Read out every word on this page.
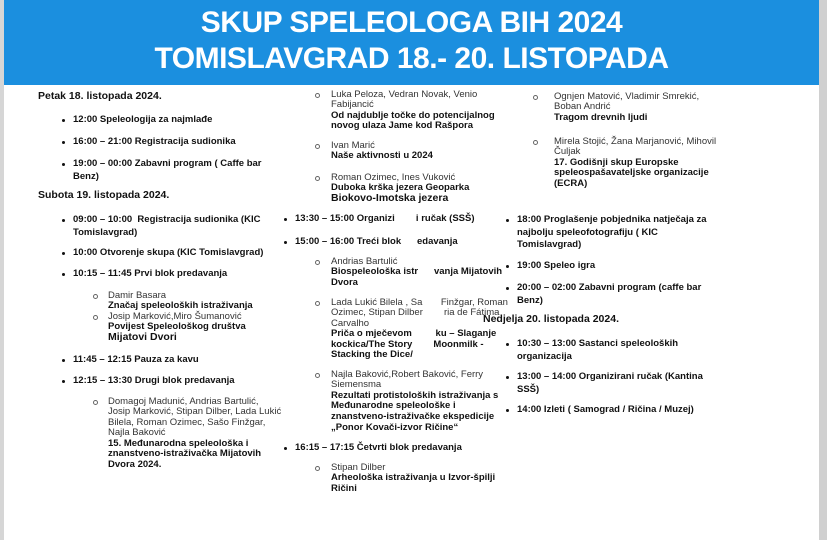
SKUP SPELEOLOGA BIH 2024
TOMISLAVGRAD 18.- 20. LISTOPADA
Petak 18. listopada 2024.
12:00 Speleologija za najmlađe
16:00 – 21:00 Registracija sudionika
19:00 – 00:00 Zabavni program ( Caffe bar
Benz)
Subota 19. listopada 2024.
09:00 – 10:00  Registracija sudionika (KIC
Tomislavgrad)
10:00 Otvorenje skupa (KIC Tomislavgrad)
10:15 – 11:45 Prvi blok predavanja
Damir Basara
Značaj speleoloških istraživanja
Josip Marković,Miro Šumanović
Povijest Speleološkog društva
Mijatovi Dvori
11:45 – 12:15 Pauza za kavu
12:15 – 13:30 Drugi blok predavanja
Domagoj Madunić, Andrias Bartulić,
Josip Marković, Stipan Dilber, Lada Lukić
Bilela, Roman Ozimec, Sašo Finžgar,
Najla Baković
15. Međunarodna speleološka i
znanstveno-istraživačka Mijatovih
Dvora 2024.
Luka Peloza, Vedran Novak, Venio
Fabijancić
Od najdublje točke do potencijalnog
novog ulaza Jame kod Rašpora
Ivan Marić
Naše aktivnosti u 2024
Roman Ozimec, Ines Vuković
Duboka krška jezera Geoparka
Biokovo-Imotska jezera
13:30 – 15:00 Organizi        i ručak (SSŠ)
15:00 – 16:00 Treći blok      edavanja
Andrias Bartulić
Biospeleološka istr      vanja Mijatovih
Dvora
Lada Lukić Bilela , Sa       Finžgar, Roman
Ozimec, Stipan Dilber        ria de Fátima
Carvalho
Priča o mječevom         ku – Slaganje
kockica/The Story        Moonmilk -
Stacking the Dice/
Najla Baković,Robert Baković, Ferry
Siemensma
Rezultati protistoloških istraživanja s
Međunarodne speleološke i
znanstveno-istraživačke ekspedicije
„Ponor Kovači-izvor Ričine“
16:15 – 17:15 Četvrti blok predavanja
Stipan Dilber
Arheološka istraživanja u Izvor-špilji
Ričini
Ognjen Matović, Vladimir Smrekić,
Boban Andrić
Tragom drevnih ljudi
Mirela Stojić, Žana Marjanović, Mihovil
Čuljak
17. Godišnji skup Europske
speleospašavateljske organizacije
(ECRA)
18:00 Proglašenje pobjednika natječaja za
najbolju speleofotografiju ( KIC
Tomislavgrad)
19:00 Speleo igra
20:00 – 02:00 Zabavni program (caffe bar
Benz)
Nedjelja 20. listopada 2024.
10:30 – 13:00 Sastanci speleoloških
organizacija
13:00 – 14:00 Organizirani ručak (Kantina
SSŠ)
14:00 Izleti ( Samograd / Ričina / Muzej)
